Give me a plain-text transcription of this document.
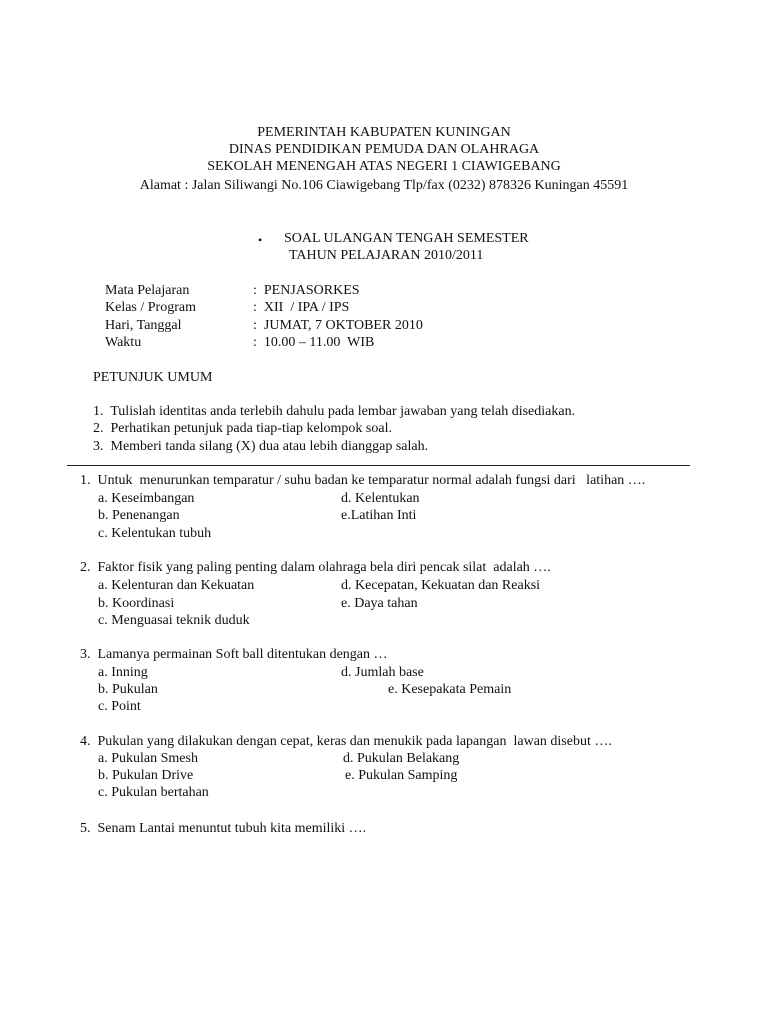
PEMERINTAH KABUPATEN KUNINGAN
DINAS PENDIDIKAN PEMUDA DAN OLAHRAGA
SEKOLAH MENENGAH ATAS NEGERI 1 CIAWIGEBANG
Alamat : Jalan Siliwangi No.106 Ciawigebang Tlp/fax (0232) 878326 Kuningan 45591
• SOAL ULANGAN TENGAH SEMESTER
TAHUN PELAJARAN 2010/2011
Mata Pelajaran	:  PENJASORKES
Kelas / Program	:  XII  / IPA / IPS
Hari, Tanggal	:  JUMAT, 7 OKTOBER 2010
Waktu	:  10.00 – 11.00  WIB
PETUNJUK UMUM
1.  Tulislah identitas anda terlebih dahulu pada lembar jawaban yang telah disediakan.
2.  Perhatikan petunjuk pada tiap-tiap kelompok soal.
3.  Memberi tanda silang (X) dua atau lebih dianggap salah.
1.  Untuk  menurunkan temparatur / suhu badan ke temparatur normal adalah fungsi dari   latihan ….
a. Keseimbangan
b. Penenangan
c. Kelentukan tubuh
d. Kelentukan
e.Latihan Inti
2.  Faktor fisik yang paling penting dalam olahraga bela diri pencak silat  adalah ….
a. Kelenturan dan Kekuatan
b. Koordinasi
c. Menguasai teknik duduk
d. Kecepatan, Kekuatan dan Reaksi
e. Daya tahan
3.  Lamanya permainan Soft ball ditentukan dengan …
a. Inning
b. Pukulan
c. Point
d. Jumlah base
e. Kesepakata Pemain
4.  Pukulan yang dilakukan dengan cepat, keras dan menukik pada lapangan  lawan disebut ….
a. Pukulan Smesh
b. Pukulan Drive
c. Pukulan bertahan
d. Pukulan Belakang
e. Pukulan Samping
5.  Senam Lantai menuntut tubuh kita memiliki ….
